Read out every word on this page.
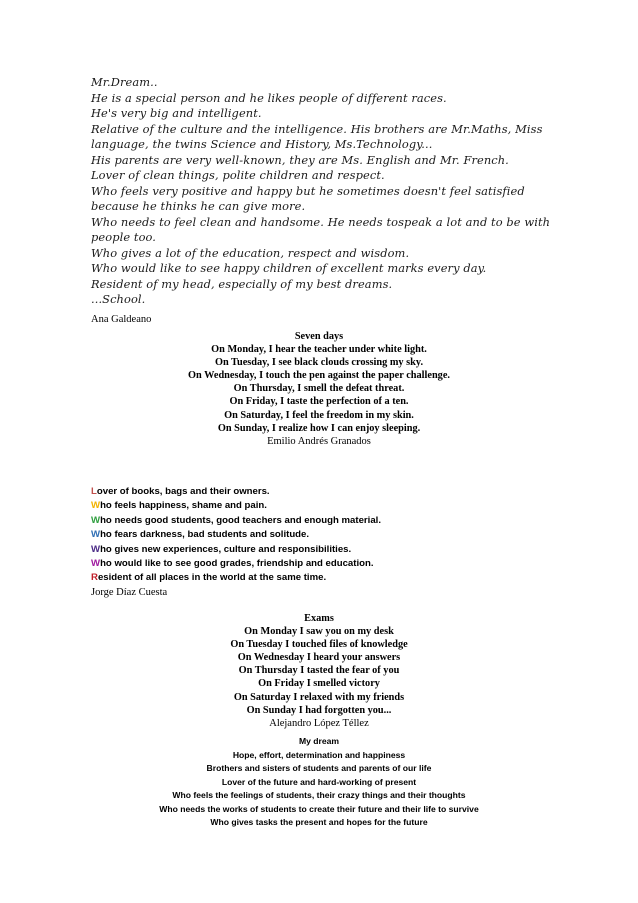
Mr.Dream..
He is a special person and he likes people of different races.
He's very big and intelligent.
Relative of the culture and the intelligence. His brothers are Mr.Maths, Miss
language, the twins Science and History, Ms.Technology...
His parents are very well-known, they are Ms. English and Mr. French.
Lover of clean things, polite children and respect.
Who feels very positive and happy but he sometimes doesn't feel satisfied
because he thinks he can give more.
Who needs to feel clean and handsome. He needs tospeak a lot and to be with
people too.
Who gives a lot of the education, respect and wisdom.
Who would like to see happy children of excellent marks every day.
Resident of my head, especially of my best dreams.
...School.
Ana Galdeano
Seven days
On Monday, I hear the teacher under white light.
On Tuesday, I see black clouds crossing my sky.
On Wednesday, I touch the pen against the paper challenge.
On Thursday, I smell the defeat threat.
On Friday, I taste the perfection of a ten.
On Saturday, I feel the freedom in my skin.
On Sunday, I realize how I can enjoy sleeping.
Emilio Andrés Granados
Lover of books, bags and their owners.
Who feels happiness, shame and pain.
Who needs good students, good teachers and enough material.
Who fears darkness, bad students and solitude.
Who gives new experiences, culture and responsibilities.
Who would like to see good grades, friendship and education.
Resident of all places in the world at the same time.
Jorge Díaz Cuesta
Exams
On Monday I saw you on my desk
On Tuesday I touched files of knowledge
On Wednesday I heard your answers
On Thursday I tasted the fear of you
On Friday I smelled victory
On Saturday I relaxed with my friends
On Sunday I had forgotten you...
Alejandro López Téllez
My dream
Hope, effort, determination and happiness
Brothers and sisters of students and parents of our life
Lover of the future and hard-working of present
Who feels the feelings of students, their crazy things and their thoughts
Who needs the works of students to create their future and their life to survive
Who gives tasks the present and hopes for the future
